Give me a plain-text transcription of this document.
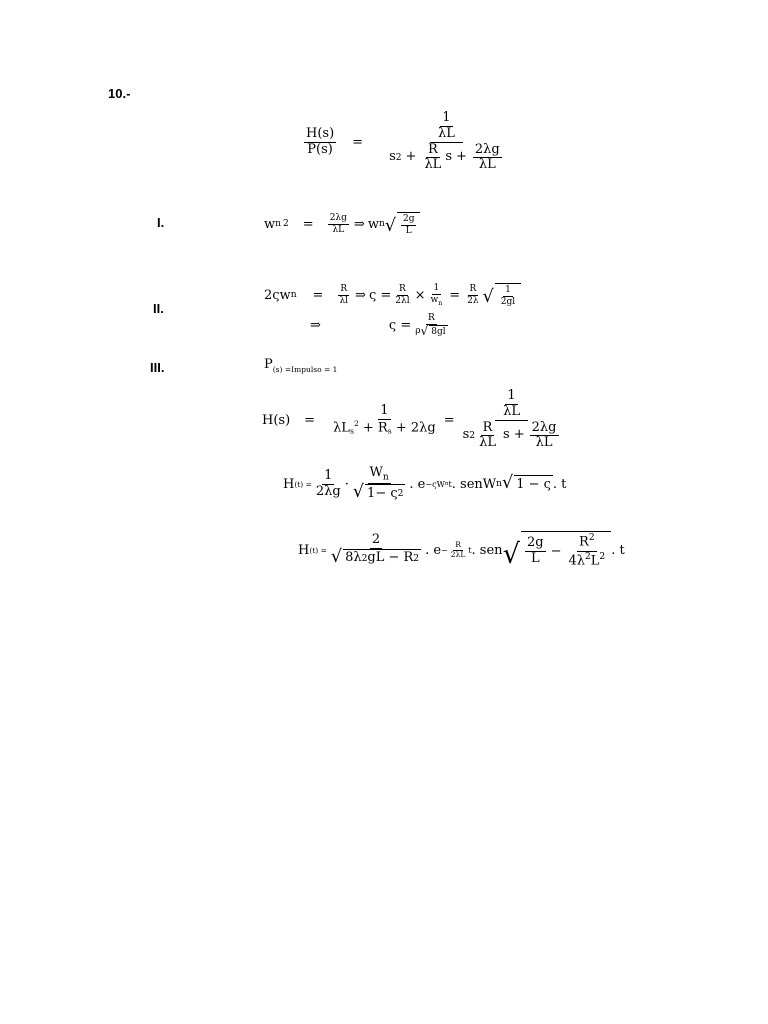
10.-
$\frac{H(s)}{P(s)}$ =
$\frac{1}{\lambda L}$
s $2 + \frac{R}{\lambda L}$ $s + \frac{2\lambda g}{\lambda L}$
I.	w n $2 = \frac{2\lambda g}{\lambda L}$ ⇒ w n √ $\frac{2g}{L}$
II.
2ςw $n = \frac{R}{\lambda l}$ ⇒ $\varsigma = \frac{R}{2\lambda l} \times \frac{1}{w_n} = \frac{R}{2\lambda}$ √ $\frac{1}{2gl}$
⇒	$\varsigma = \frac{R}{\rho √ 8gl}$
III.	$P_{(s) =Impulso = 1}$
$H(s) = \frac{1}{\lambda Ls^2 + Rs + 2\lambda g}$ =
$\frac{1}{\lambda L}$
s $2 \frac{R}{\lambda L}$ $s + \frac{2\lambda g}{\lambda L}$
H $(t) = \frac{1}{2\lambda g} \cdot \frac{W_n}{√ 1- \varsigma 2}$ . e −ςW n t . senW n √ 1 − ς . t
H $(t) = \frac{2}{√ 8\lambda 2 gL - R 2}$ . $e - \frac{R}{2\lambda L}$ t . sen √ $\frac{2g}{L} - \frac{R^2}{4\lambda^2L^2}$ . t
